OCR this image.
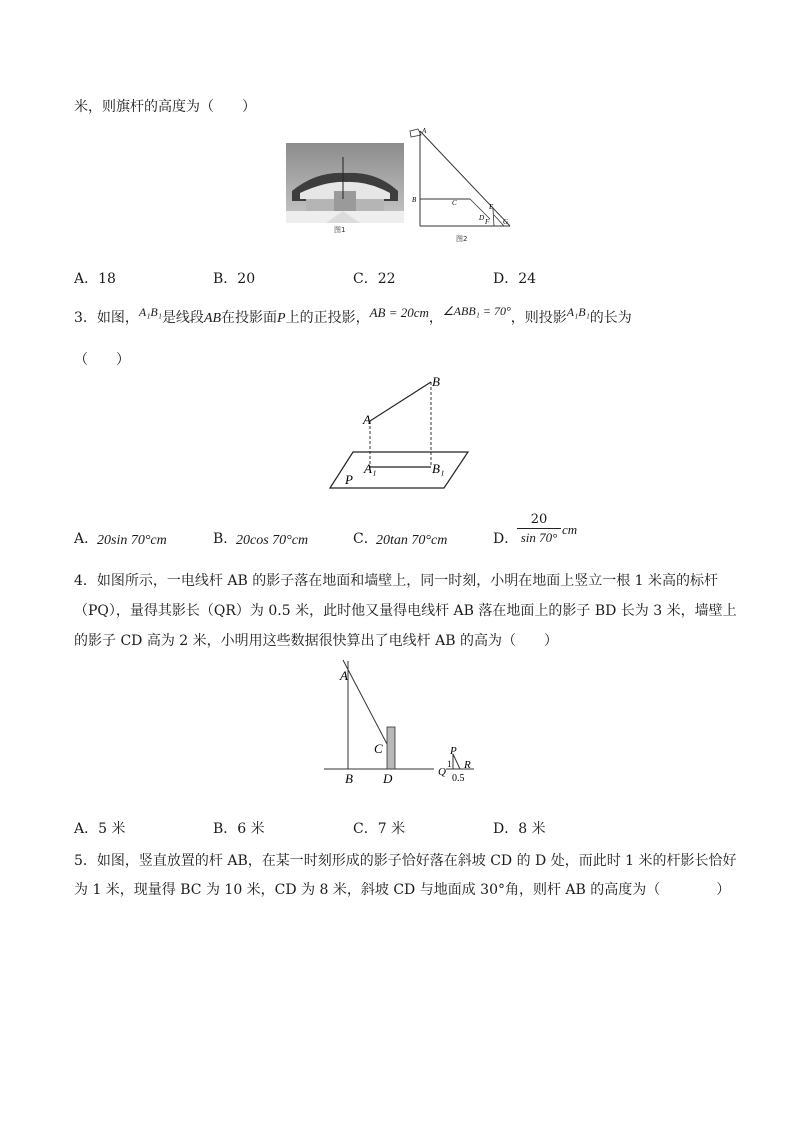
米，则旗杆的高度为（　　）
图1
A
B	C
D
E
F G
图2
A．18	B．20	C．22	D．24
3．如图，A₁B₁是线段AB在投影面P上的正投影，AB = 20cm，∠ABB₁ = 70°，则投影A₁B₁的长为
（　　）
A
B
A₁	B₁
P
A．
20sin 70°cm	B．
20cos 70°cm	C．
20tan 70°cm	D．
20
sin 70°
cm
4．如图所示，一电线杆 AB 的影子落在地面和墙壁上，同一时刻，小明在地面上竖立一根 1 米高的标杆
（PQ），量得其影长（QR）为 0.5 米，此时他又量得电线杆 AB 落在地面上的影子 BD 长为 3 米，墙壁上
的影子 CD 高为 2 米，小明用这些数据很快算出了电线杆 AB 的高为（　　）
A
B
C
D
P
Q
R
1
0.5
A．5 米	B．6 米	C．7 米	D．8 米
5．如图，竖直放置的杆 AB，在某一时刻形成的影子恰好落在斜坡 CD 的 D 处，而此时 1 米的杆影长恰好
为 1 米，现量得 BC 为 10 米，CD 为 8 米，斜坡 CD 与地面成 30°角，则杆 AB 的高度为（　　　　）
